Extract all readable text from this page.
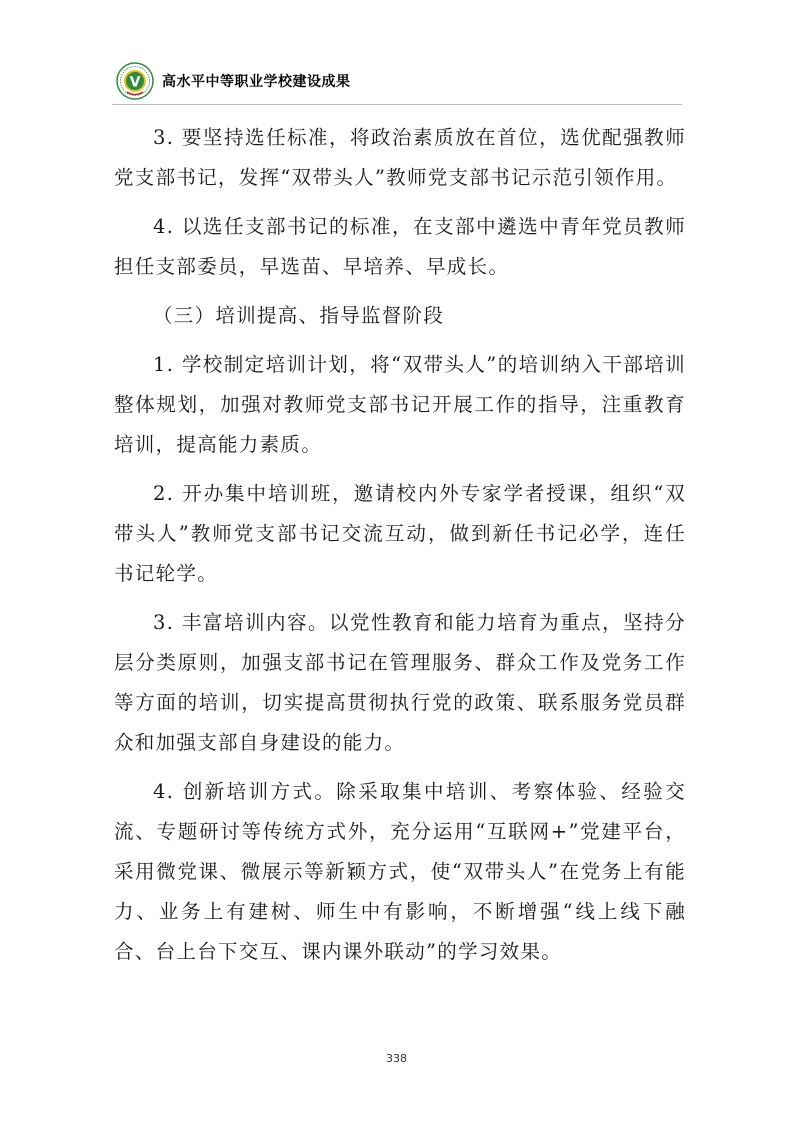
V 高水平中等职业学校建设成果

3. 要坚持选任标准，将政治素质放在首位，选优配强教师党支部书记，发挥“双带头人”教师党支部书记示范引领作用。

4. 以选任支部书记的标准，在支部中遴选中青年党员教师担任支部委员，早选苗、早培养、早成长。

（三）培训提高、指导监督阶段

1. 学校制定培训计划，将“双带头人”的培训纳入干部培训整体规划，加强对教师党支部书记开展工作的指导，注重教育培训，提高能力素质。

2. 开办集中培训班，邀请校内外专家学者授课，组织“双带头人”教师党支部书记交流互动，做到新任书记必学，连任书记轮学。

3. 丰富培训内容。以党性教育和能力培育为重点，坚持分层分类原则，加强支部书记在管理服务、群众工作及党务工作等方面的培训，切实提高贯彻执行党的政策、联系服务党员群众和加强支部自身建设的能力。

4. 创新培训方式。除采取集中培训、考察体验、经验交流、专题研讨等传统方式外，充分运用“互联网+”党建平台，采用微党课、微展示等新颖方式，使“双带头人”在党务上有能力、业务上有建树、师生中有影响，不断增强“线上线下融合、台上台下交互、课内课外联动”的学习效果。

338
